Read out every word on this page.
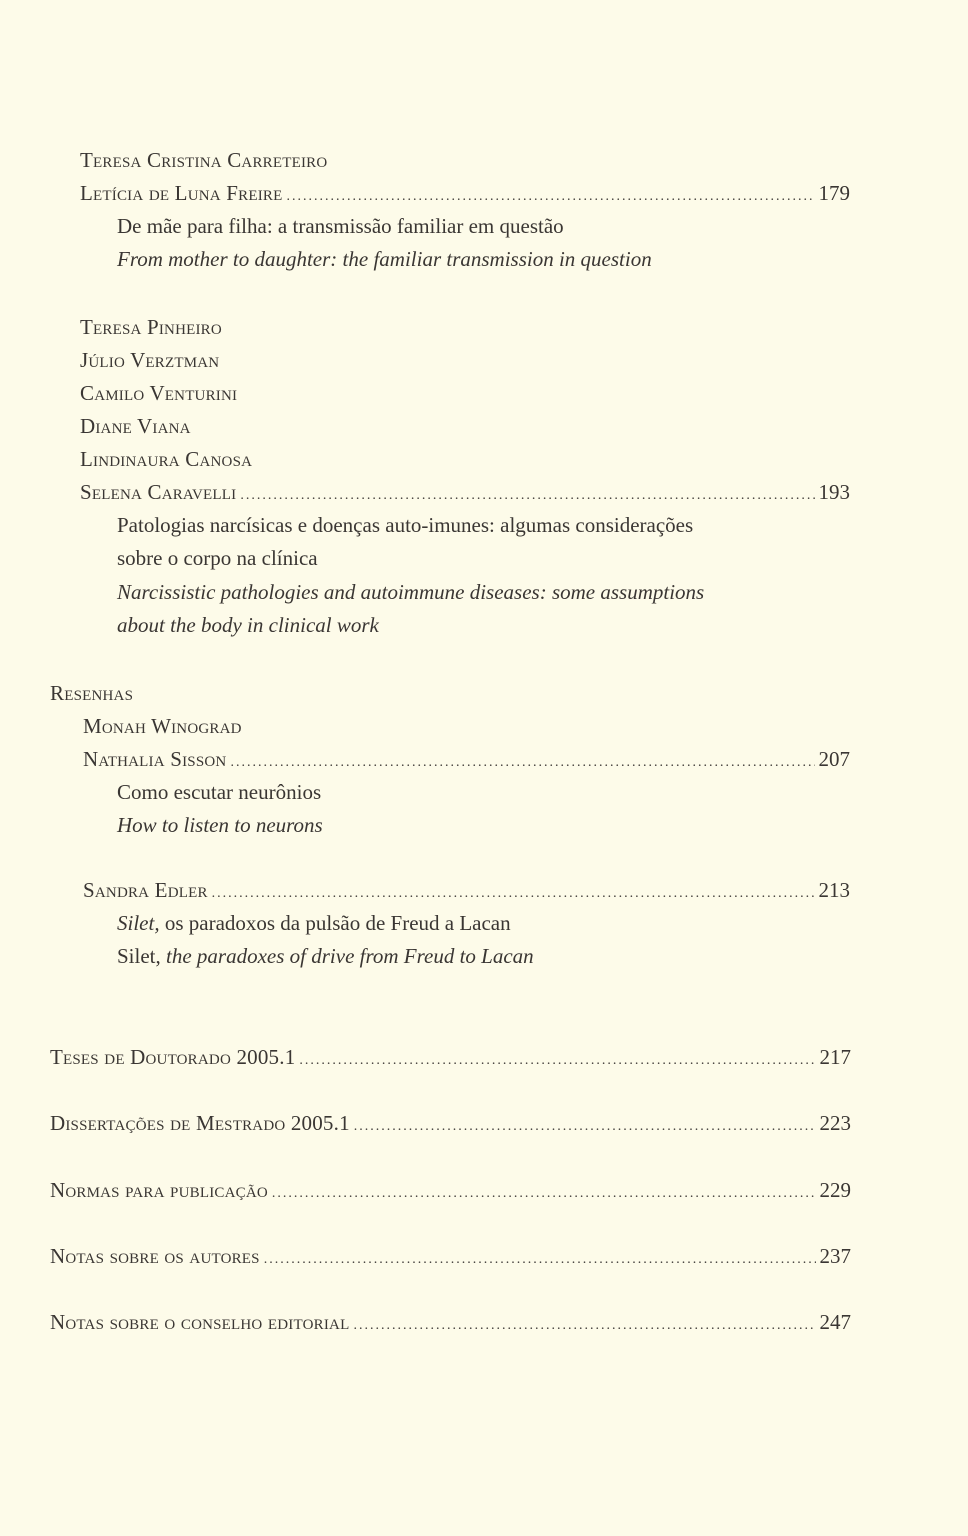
Teresa Cristina Carreteiro
Letícia de Luna Freire .....	179
De mãe para filha: a transmissão familiar em questão
From mother to daughter: the familiar transmission in question
Teresa Pinheiro
Júlio Verztman
Camilo Venturini
Diane Viana
Lindinaura Canosa
Selena Caravelli .....	193
Patologias narcísicas e doenças auto-imunes: algumas considerações
sobre o corpo na clínica
Narcissistic pathologies and autoimmune diseases: some assumptions
about the body in clinical work
Resenhas
Monah Winograd
Nathalia Sisson .....	207
Como escutar neurônios
How to listen to neurons
Sandra Edler .....	213
Silet, os paradoxos da pulsão de Freud a Lacan
Silet, the paradoxes of drive from Freud to Lacan
Teses de Doutorado 2005.1 .....	217
Dissertações de Mestrado 2005.1 .....	223
Normas para publicação .....	229
Notas sobre os autores .....	237
Notas sobre o conselho editorial .....	247
